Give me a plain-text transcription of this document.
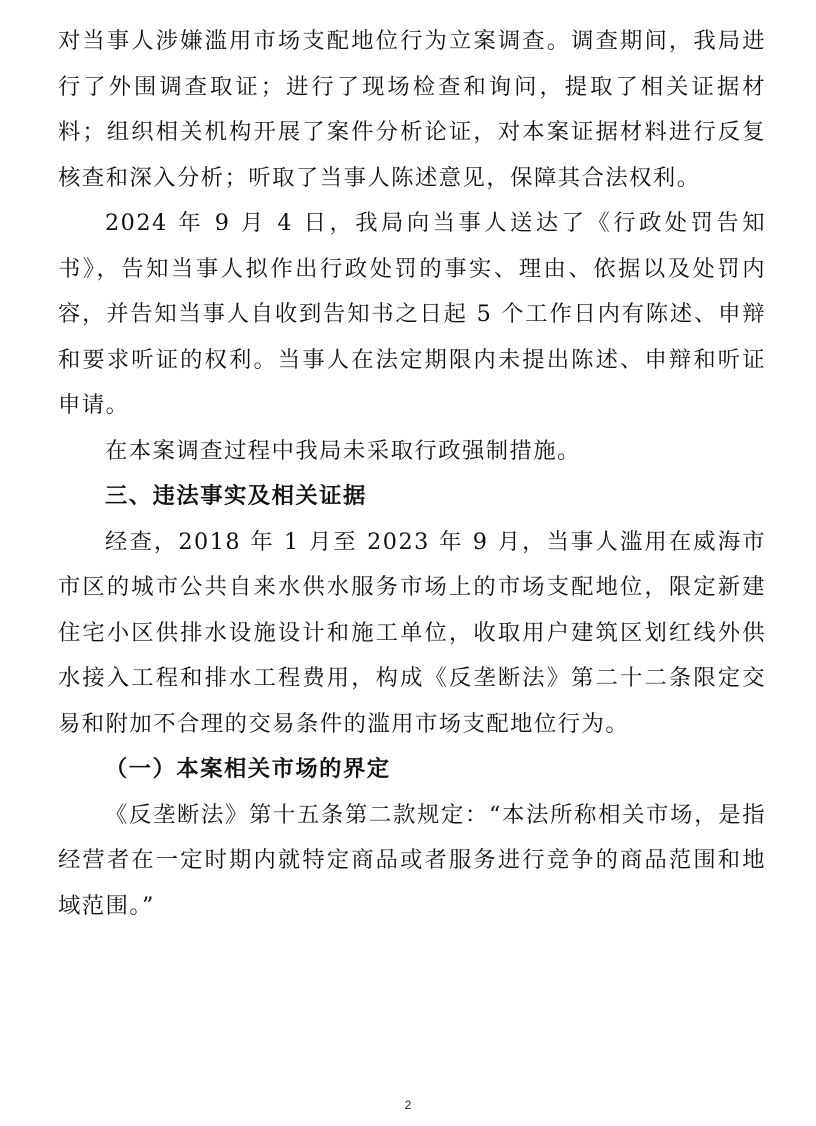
对当事人涉嫌滥用市场支配地位行为立案调查。调查期间，我局进行了外围调查取证；进行了现场检查和询问，提取了相关证据材料；组织相关机构开展了案件分析论证，对本案证据材料进行反复核查和深入分析；听取了当事人陈述意见，保障其合法权利。

2024 年 9 月 4 日，我局向当事人送达了《行政处罚告知书》，告知当事人拟作出行政处罚的事实、理由、依据以及处罚内容，并告知当事人自收到告知书之日起 5 个工作日内有陈述、申辩和要求听证的权利。当事人在法定期限内未提出陈述、申辩和听证申请。

在本案调查过程中我局未采取行政强制措施。

三、违法事实及相关证据

经查，2018 年 1 月至 2023 年 9 月，当事人滥用在威海市市区的城市公共自来水供水服务市场上的市场支配地位，限定新建住宅小区供排水设施设计和施工单位，收取用户建筑区划红线外供水接入工程和排水工程费用，构成《反垄断法》第二十二条限定交易和附加不合理的交易条件的滥用市场支配地位行为。

（一）本案相关市场的界定

《反垄断法》第十五条第二款规定：“本法所称相关市场，是指经营者在一定时期内就特定商品或者服务进行竞争的商品范围和地域范围。”

2
